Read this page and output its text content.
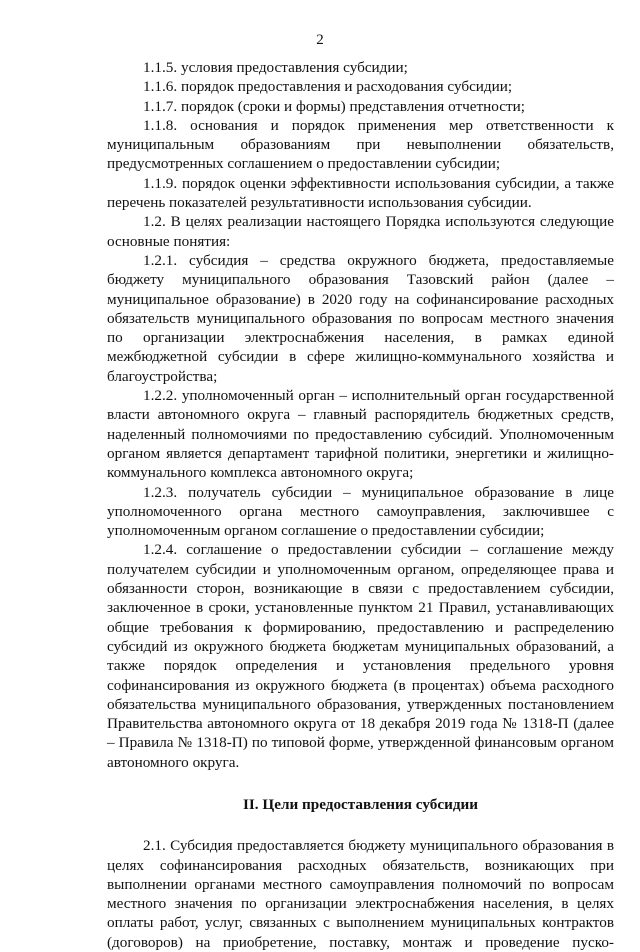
2

1.1.5. условия предоставления субсидии;

1.1.6. порядок предоставления и расходования субсидии;

1.1.7. порядок (сроки и формы) представления отчетности;

1.1.8. основания и порядок применения мер ответственности к муниципальным образованиям при невыполнении обязательств, предусмотренных соглашением о предоставлении субсидии;

1.1.9. порядок оценки эффективности использования субсидии, а также перечень показателей результативности использования субсидии.

1.2. В целях реализации настоящего Порядка используются следующие основные понятия:

1.2.1. субсидия – средства окружного бюджета, предоставляемые бюджету муниципального образования Тазовский район (далее – муниципальное образование) в 2020 году на софинансирование расходных обязательств муниципального образования по вопросам местного значения по организации электроснабжения населения, в рамках единой межбюджетной субсидии в сфере жилищно-коммунального хозяйства и благоустройства;

1.2.2. уполномоченный орган – исполнительный орган государственной власти автономного округа – главный распорядитель бюджетных средств, наделенный полномочиями по предоставлению субсидий. Уполномоченным органом является департамент тарифной политики, энергетики и жилищно-коммунального комплекса автономного округа;

1.2.3. получатель субсидии – муниципальное образование в лице уполномоченного органа местного самоуправления, заключившее с уполномоченным органом соглашение о предоставлении субсидии;

1.2.4. соглашение о предоставлении субсидии – соглашение между получателем субсидии и уполномоченным органом, определяющее права и обязанности сторон, возникающие в связи с предоставлением субсидии, заключенное в сроки, установленные пунктом 21 Правил, устанавливающих общие требования к формированию, предоставлению и распределению субсидий из окружного бюджета бюджетам муниципальных образований, а также порядок определения и установления предельного уровня софинансирования из окружного бюджета (в процентах) объема расходного обязательства муниципального образования, утвержденных постановлением Правительства автономного округа от 18 декабря 2019 года № 1318-П (далее – Правила № 1318-П) по типовой форме, утвержденной финансовым органом автономного округа.

II. Цели предоставления субсидии

2.1. Субсидия предоставляется бюджету муниципального образования в целях софинансирования расходных обязательств, возникающих при выполнении органами местного самоуправления полномочий по вопросам местного значения по организации электроснабжения населения, в целях оплаты работ, услуг, связанных с выполнением муниципальных контрактов (договоров) на приобретение, поставку, монтаж и проведение пуско-
